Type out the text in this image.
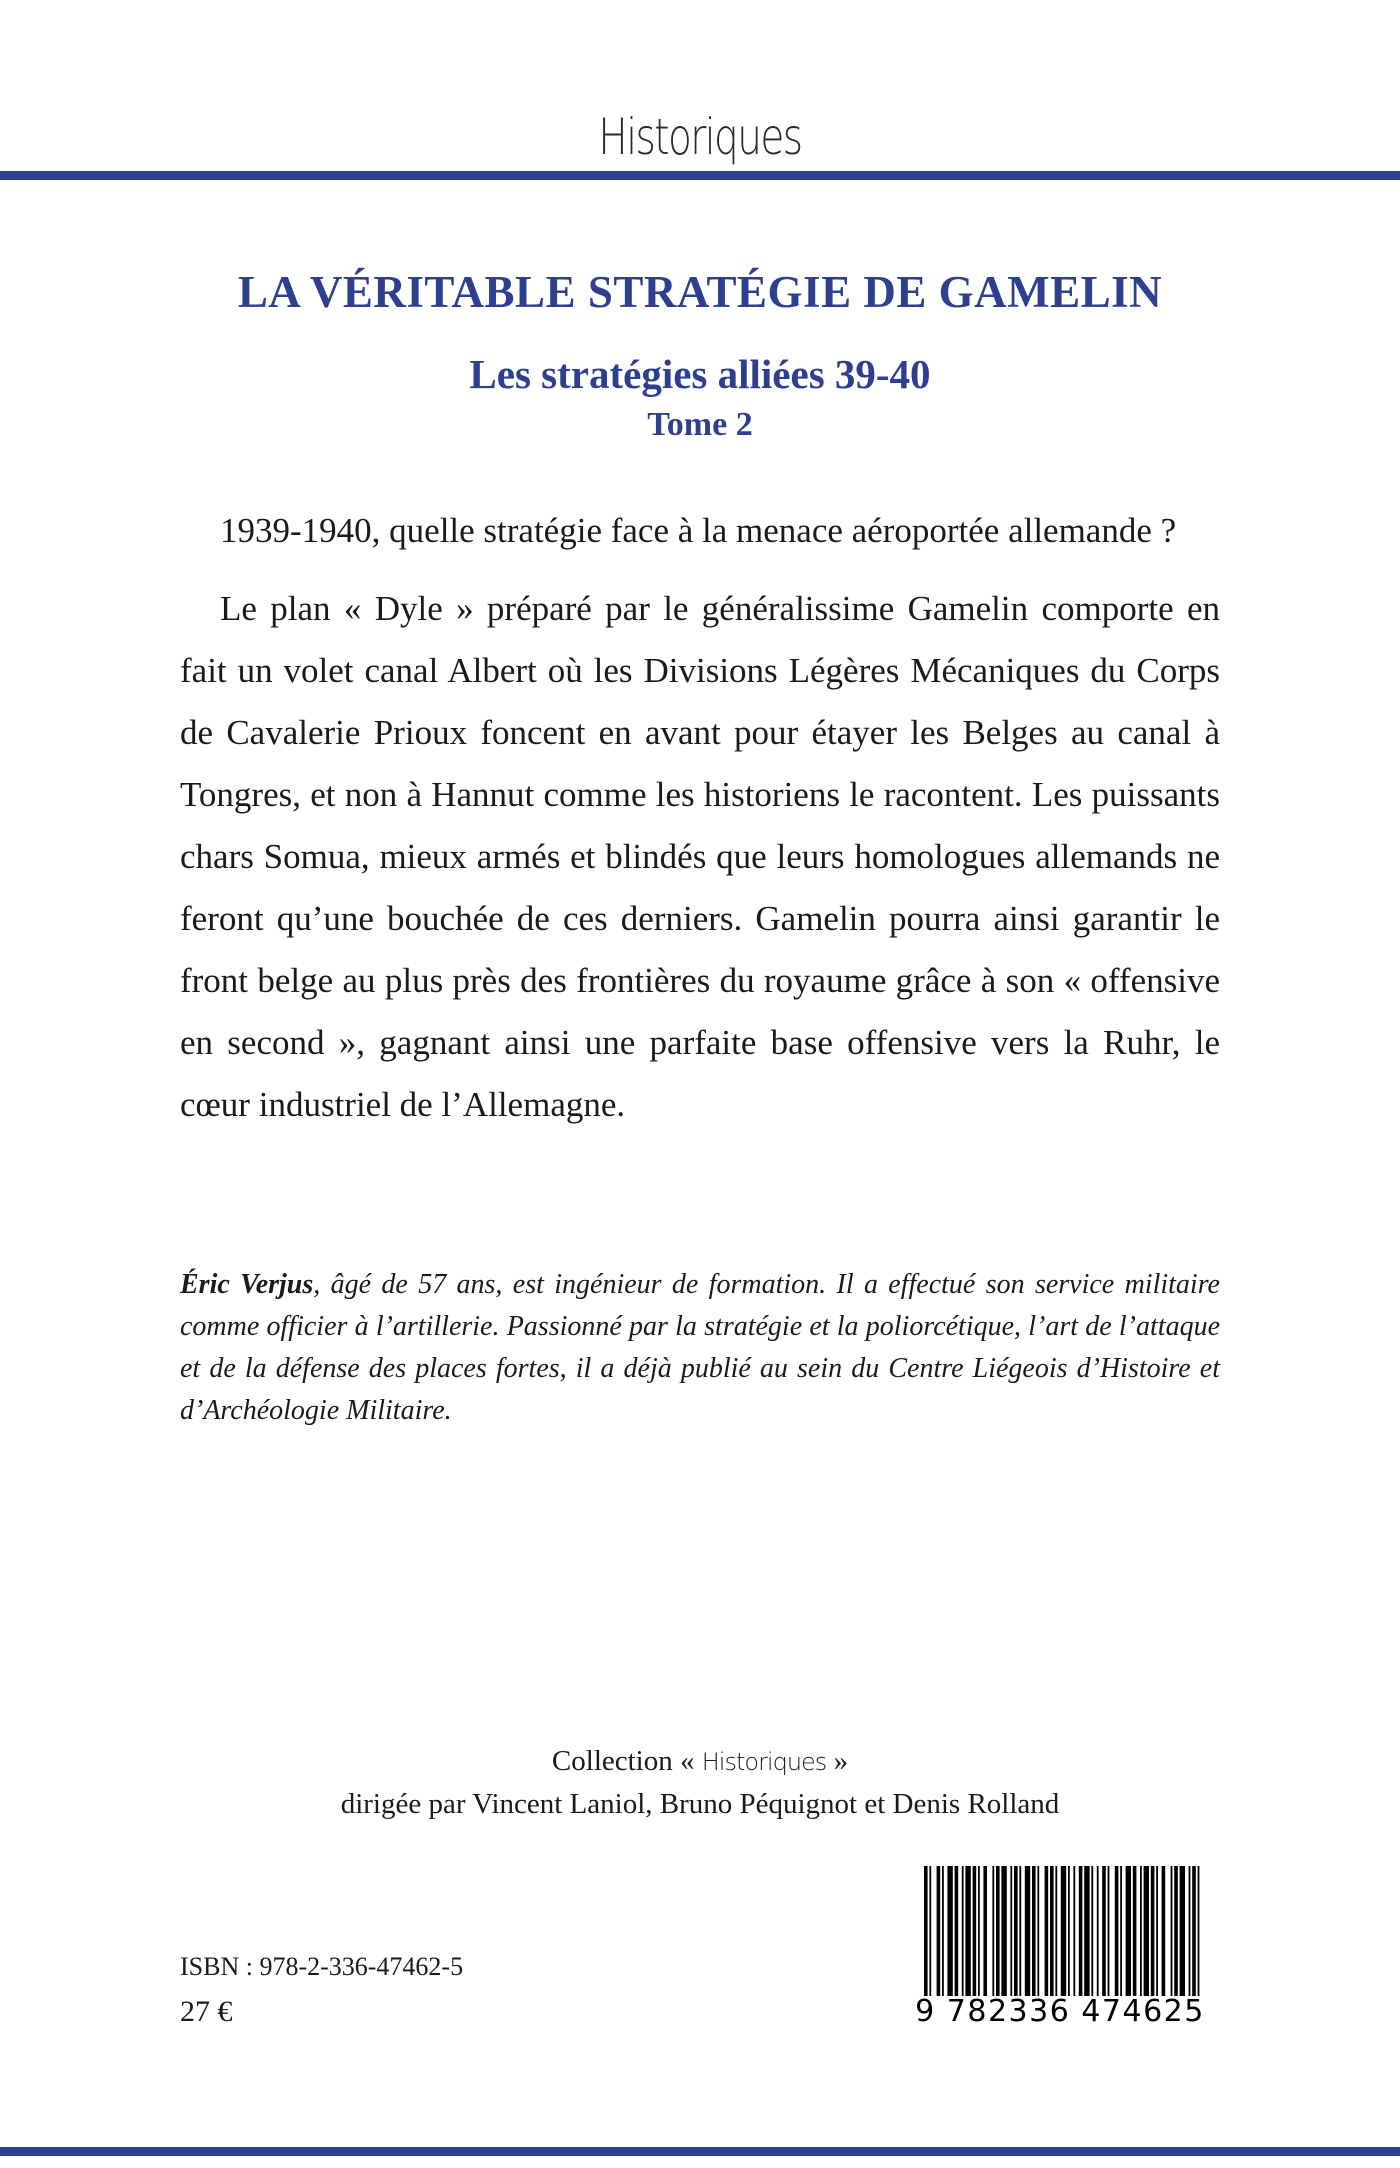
Historiques
LA VÉRITABLE STRATÉGIE DE GAMELIN
Les stratégies alliées 39-40
Tome 2
1939-1940, quelle stratégie face à la menace aéroportée allemande ?

Le plan « Dyle » préparé par le généralissime Gamelin comporte en fait un volet canal Albert où les Divisions Légères Mécaniques du Corps de Cavalerie Prioux foncent en avant pour étayer les Belges au canal à Tongres, et non à Hannut comme les historiens le racontent. Les puissants chars Somua, mieux armés et blindés que leurs homologues allemands ne feront qu’une bouchée de ces derniers. Gamelin pourra ainsi garantir le front belge au plus près des frontières du royaume grâce à son « offensive en second », gagnant ainsi une parfaite base offensive vers la Ruhr, le cœur industriel de l’Allemagne.

Éric Verjus, âgé de 57 ans, est ingénieur de formation. Il a effectué son service militaire comme officier à l’artillerie. Passionné par la stratégie et la poliorcétique, l’art de l’attaque et de la défense des places fortes, il a déjà publié au sein du Centre Liégeois d’Histoire et d’Archéologie Militaire.

Collection « Historiques »
dirigée par Vincent Laniol, Bruno Péquignot et Denis Rolland
ISBN : 978-2-336-47462-5
27 €	9 782336 474625
